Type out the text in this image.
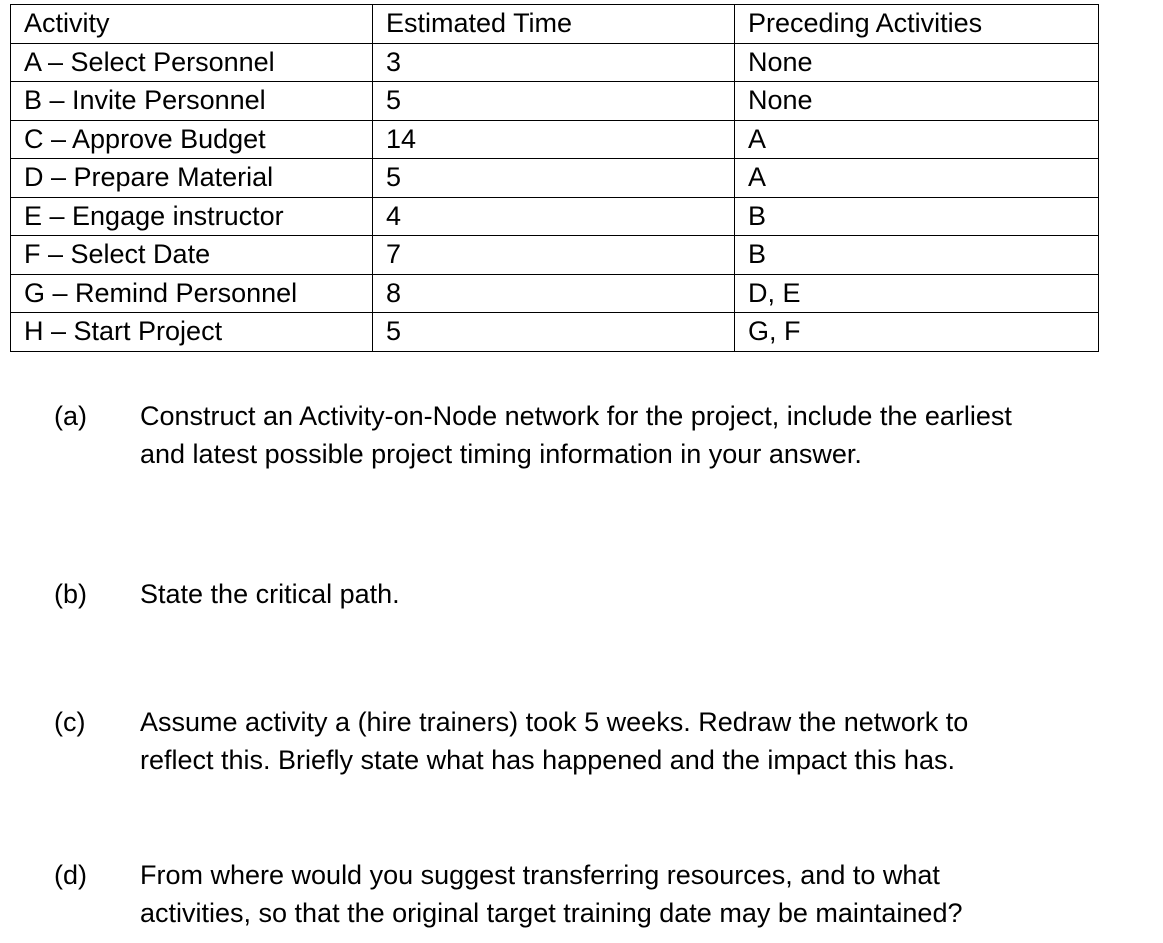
Activity	Estimated Time	Preceding Activities
A – Select Personnel	3	None
B – Invite Personnel	5	None
C – Approve Budget	14	A
D – Prepare Material	5	A
E – Engage instructor	4	B
F – Select Date	7	B
G – Remind Personnel	8	D, E
H – Start Project	5	G, F
(a) Construct an Activity-on-Node network for the project, include the earliest
and latest possible project timing information in your answer.
(b) State the critical path.
(c) Assume activity a (hire trainers) took 5 weeks. Redraw the network to
reflect this. Briefly state what has happened and the impact this has.
(d) From where would you suggest transferring resources, and to what
activities, so that the original target training date may be maintained?
